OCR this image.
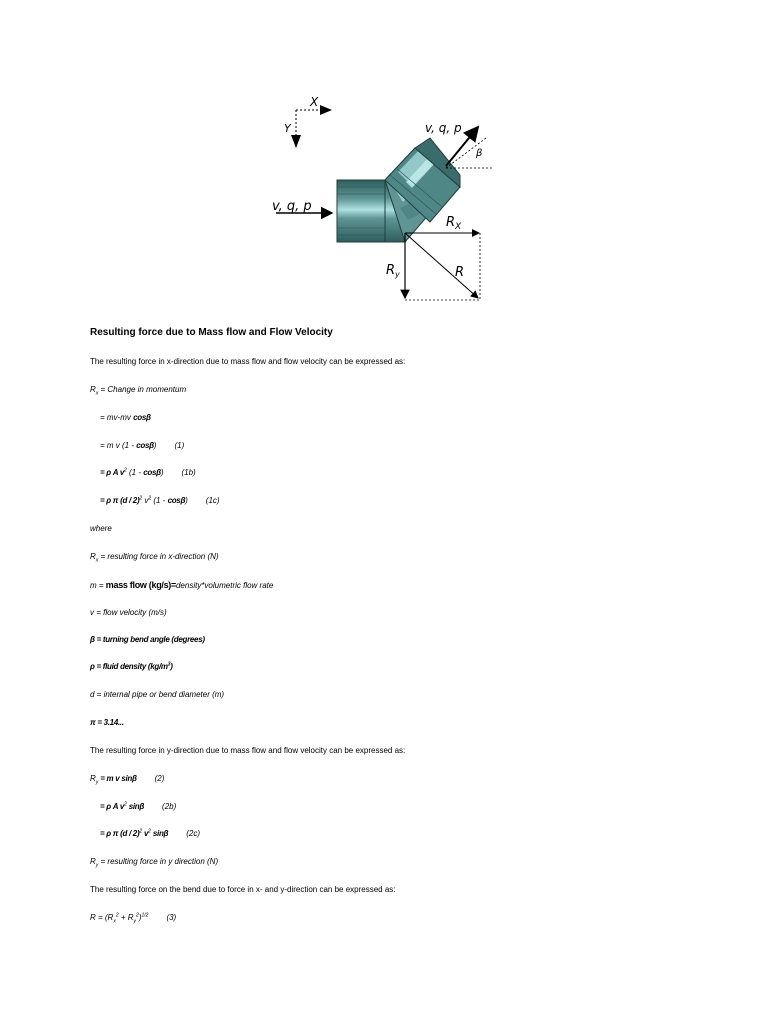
X
Y
v, q, p
v, q, p
β
$R_X$
$R_y$	R
Resulting force due to Mass flow and Flow Velocity
The resulting force in x-direction due to mass flow and flow velocity can be expressed as:
$R_x$ = Change in momentum
= mv-mv cosβ
= m v (1 - cosβ) (1)
= ρ A $v^2$ (1 - cosβ) (1b)
= ρ π (d / 2)$^2$ $v^2$ (1 - cosβ) (1c)
where
$R_x$ = resulting force in x-direction (N)
m = mass flow (kg/s)=density*volumetric flow rate
v = flow velocity (m/s)
β = turning bend angle (degrees)
ρ = fluid density $(kg/m^3)$
d = internal pipe or bend diameter (m)
π = 3.14...
The resulting force in y-direction due to mass flow and flow velocity can be expressed as:
$R_y = m$ v sinβ (2)
= ρ A $v^2$ sinβ (2b)
= ρ π (d / 2)$^2$ $v^2$ sinβ (2c)
$R_y$ = resulting force in y direction (N)
The resulting force on the bend due to force in x- and y-direction can be expressed as:
$R = (R_x^2 + R_y^2)^{1/2}$ (3)
